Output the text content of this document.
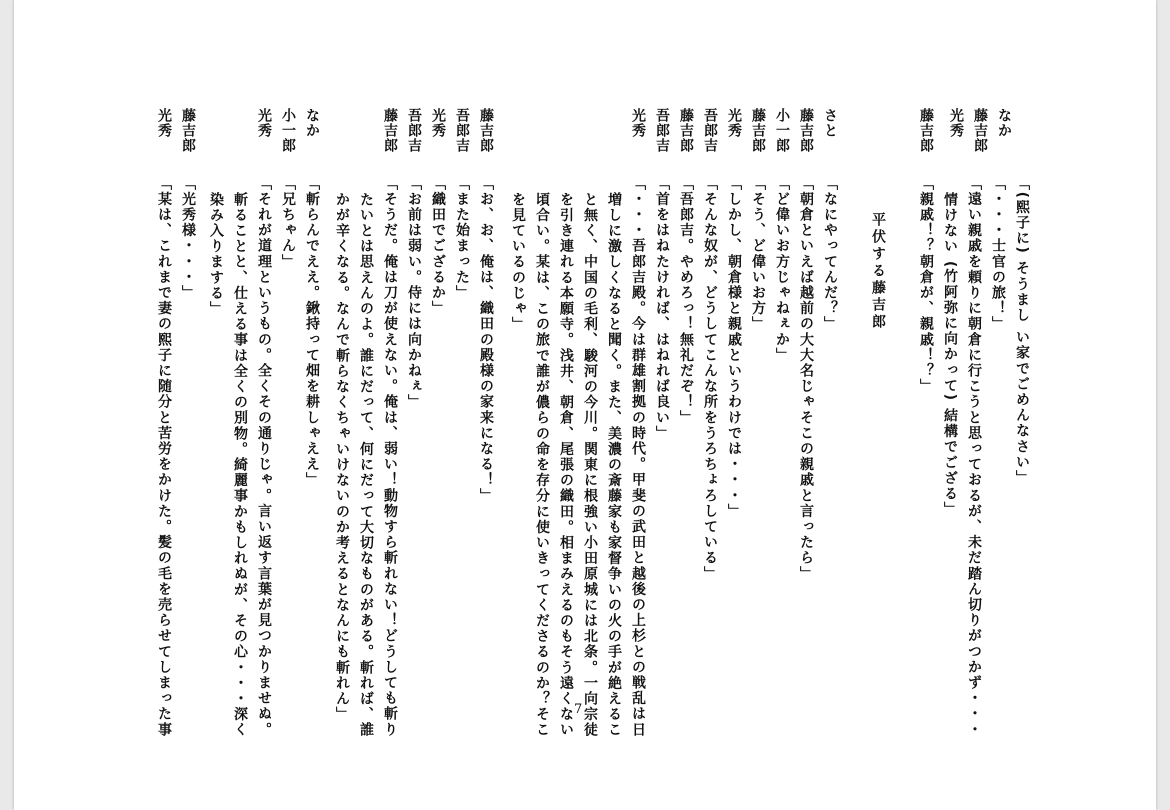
なか
「(熙子に) そうまし い家でごめんなさい」
藤吉郎
「・・・士官の旅！」
光秀
「遠い親戚を頼りに朝倉に行こうと思っておるが、未だ踏ん切りがつかず・・・
情けない (竹阿弥に向かって) 結構でござる」
藤吉郎
「親戚！？朝倉が、親戚！？」
平伏する藤吉郎
さと
「なにやってんだ？」
藤吉郎
「朝倉といえば越前の大大名じゃそこの親戚と言ったら」
小一郎
「ど偉いお方じゃねぇか」
藤吉郎
「そう、ど偉いお方」
光秀
「しかし、朝倉様と親戚というわけでは・・・」
吾郎吉
「そんな奴が、どうしてこんな所をうろちょろしている」
藤吉郎
「吾郎吉。やめろっ！無礼だぞ！」
吾郎吉
「首をはねたければ、はねれば良い」
光秀
「・・・吾郎吉殿。今は群雄割拠の時代。甲斐の武田と越後の上杉との戦乱は日
増しに激しくなると聞く。また、美濃の斎藤家も家督争いの火の手が絶えるこ
と無く、中国の毛利、駿河の今川。関東に根強い小田原城には北条。一向宗徒
を引き連れる本願寺。浅井、朝倉、尾張の織田。相まみえるのもそう遠くない
頃合い。某は、この旅で誰が儂らの命を存分に使いきってくださるのか？そこ
を見ているのじゃ」
藤吉郎
「お、お、俺は、織田の殿様の家来になる！」
吾郎吉
「また始まった」
光秀
「織田でござるか」
吾郎吉
「お前は弱い。侍には向かねぇ」
藤吉郎
「そうだ。俺は刀が使えない。俺は、弱い！動物すら斬れない！どうしても斬り
たいとは思えんのよ。誰にだって、何にだって大切なものがある。斬れば、誰
かが辛くなる。なんで斬らなくちゃいけないのか考えるとなんにも斬れん」
なか
「斬らんでええ。鍬持って畑を耕しゃええ」
小一郎
「兄ちゃん」
光秀
「それが道理というもの。全くその通りじゃ。言い返す言葉が見つかりませぬ。
斬ることと、仕える事は全くの別物。綺麗事かもしれぬが、その心・・・深く
染み入りまする」
藤吉郎
「光秀様・・・」
光秀
「某は、これまで妻の熙子に随分と苦労をかけた。髪の毛を売らせてしまった事	7
